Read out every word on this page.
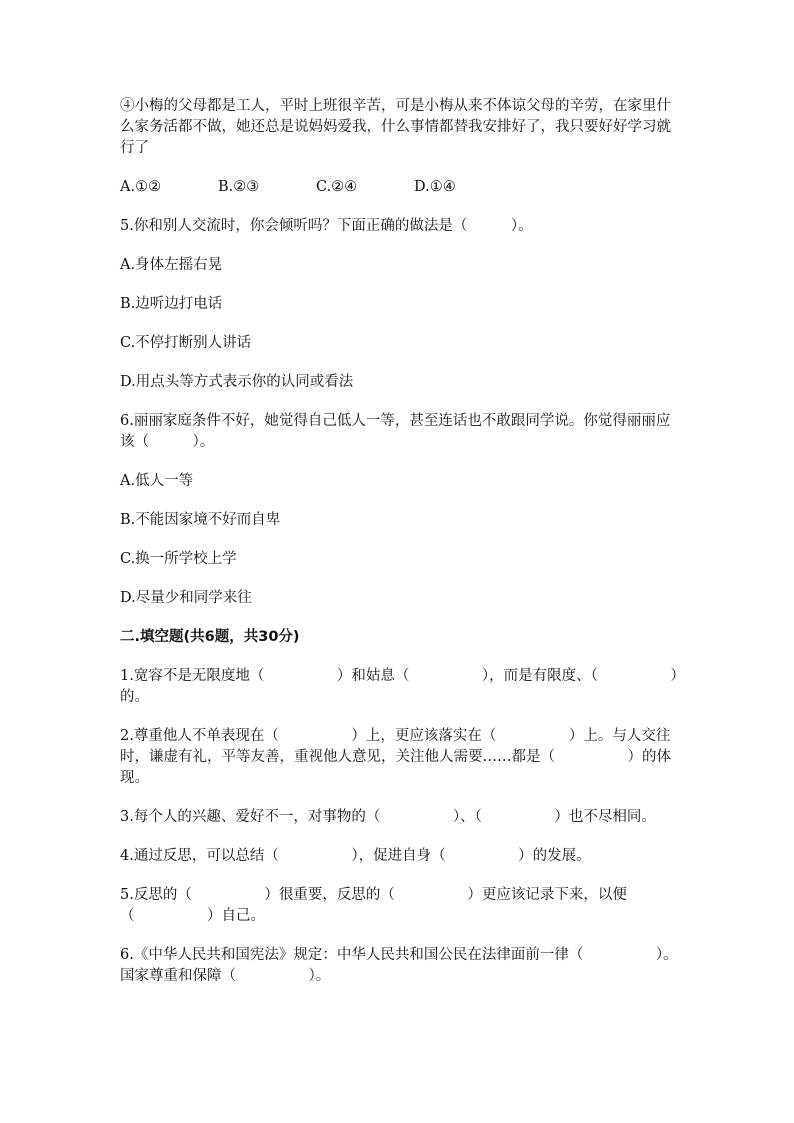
④小梅的父母都是工人，平时上班很辛苦，可是小梅从来不体谅父母的辛劳，在家里什么家务活都不做，她还总是说妈妈爱我，什么事情都替我安排好了，我只要好好学习就行了

A.①②	B.②③	C.②④	D.①④

5.你和别人交流时，你会倾听吗？下面正确的做法是（　　　）。

A.身体左摇右晃

B.边听边打电话

C.不停打断别人讲话

D.用点头等方式表示你的认同或看法

6.丽丽家庭条件不好，她觉得自己低人一等，甚至连话也不敢跟同学说。你觉得丽丽应该（　　　）。

A.低人一等

B.不能因家境不好而自卑

C.换一所学校上学

D.尽量少和同学来往

二.填空题(共6题，共30分)

1.宽容不是无限度地（　　　　　）和姑息（　　　　　），而是有限度、（　　　　　）的。

2.尊重他人不单表现在（　　　　　）上，更应该落实在（　　　　　）上。与人交往时，谦虚有礼，平等友善，重视他人意见，关注他人需要……都是（　　　　　）的体现。

3.每个人的兴趣、爱好不一，对事物的（　　　　　）、（　　　　　）也不尽相同。

4.通过反思，可以总结（　　　　　），促进自身（　　　　　）的发展。

5.反思的（　　　　　）很重要，反思的（　　　　　）更应该记录下来，以便（　　　　　）自己。

6.《中华人民共和国宪法》规定：中华人民共和国公民在法律面前一律（　　　　　）。国家尊重和保障（　　　　　）。
